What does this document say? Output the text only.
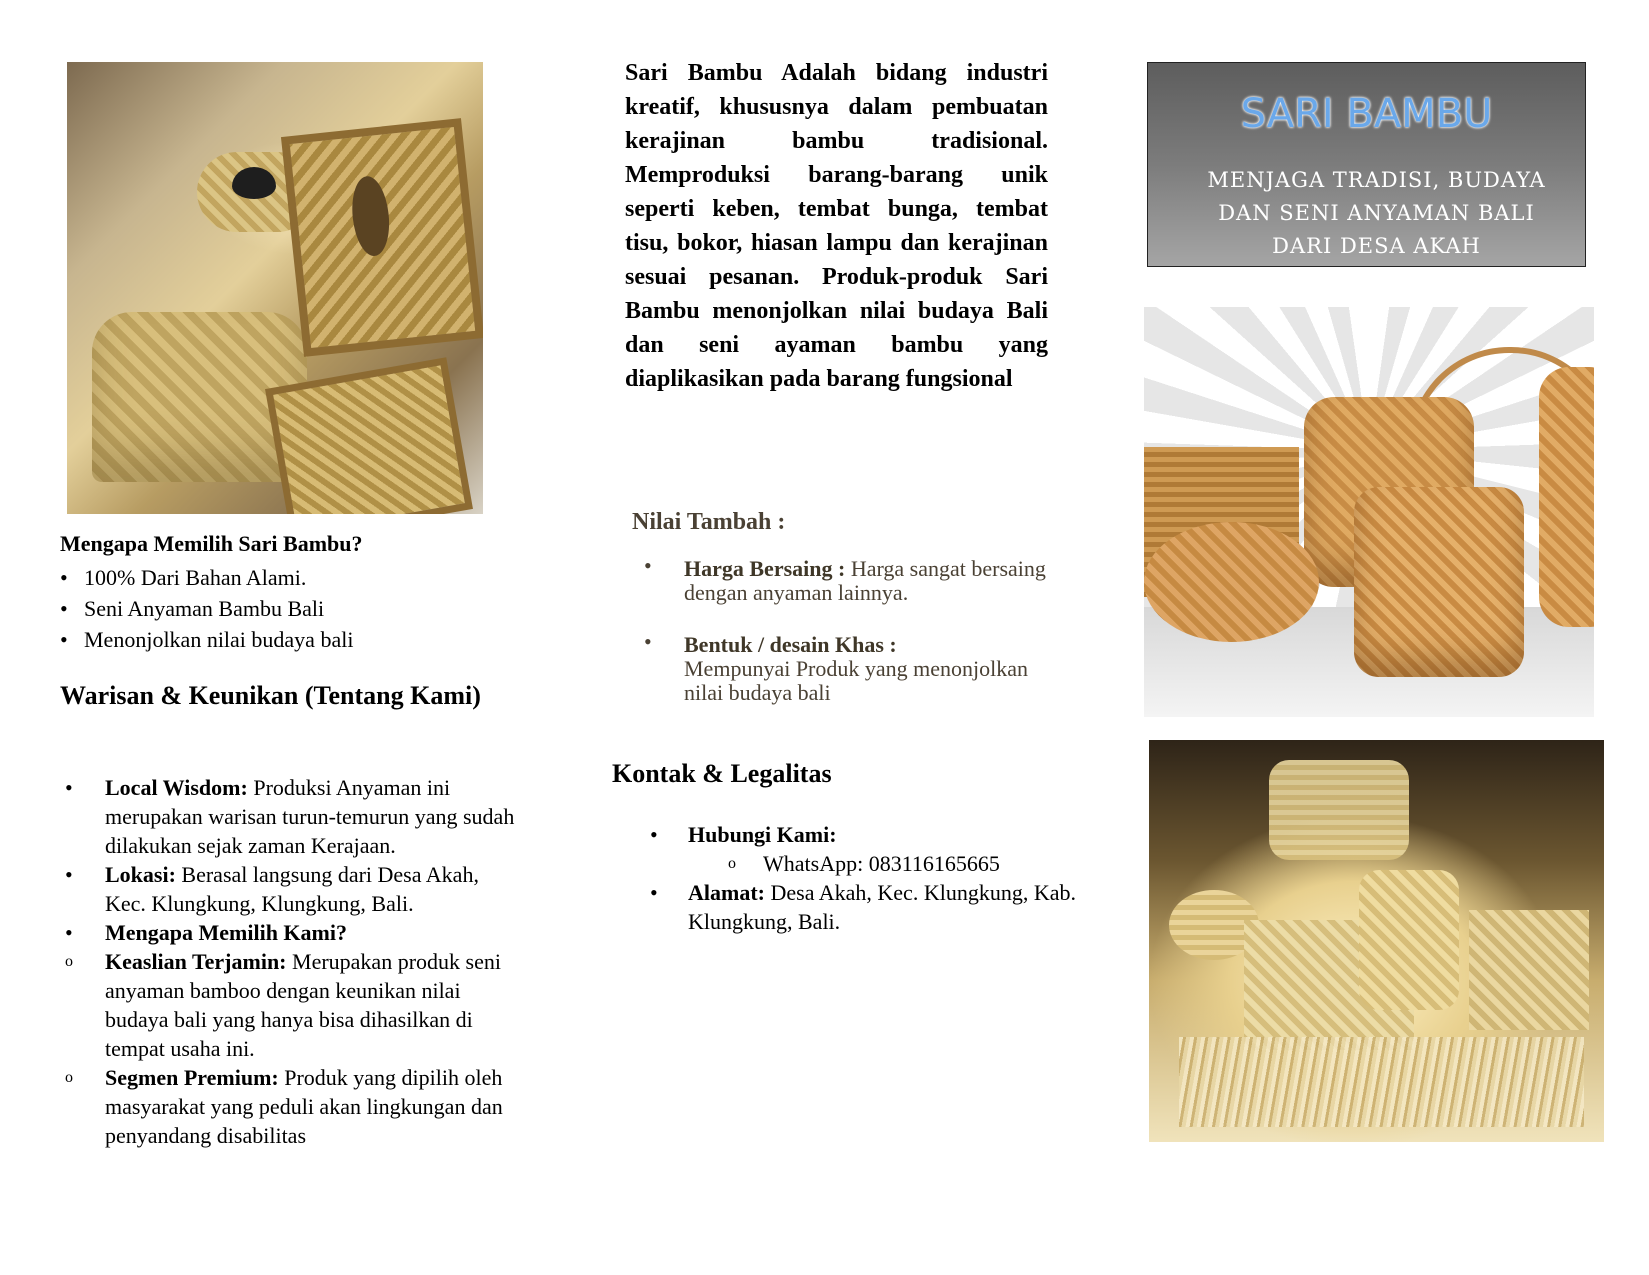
SARI BAMBU
MENJAGA TRADISI, BUDAYA DAN SENI ANYAMAN BALI DARI DESA AKAH
Sari Bambu Adalah bidang industri kreatif, khususnya dalam pembuatan kerajinan bambu tradisional. Memproduksi barang-barang unik seperti keben, tembat bunga, tembat tisu, bokor, hiasan lampu dan kerajinan sesuai pesanan. Produk-produk Sari Bambu menonjolkan nilai budaya Bali dan seni ayaman bambu yang diaplikasikan pada barang fungsional
Mengapa Memilih Sari Bambu?
• 100% Dari Bahan Alami.
• Seni Anyaman Bambu Bali
• Menonjolkan nilai budaya bali
Warisan & Keunikan (Tentang Kami)
•
Local Wisdom: Produksi Anyaman ini merupakan warisan turun-temurun yang sudah dilakukan sejak zaman Kerajaan.
•
Lokasi: Berasal langsung dari Desa Akah, Kec. Klungkung, Klungkung, Bali.
•
Mengapa Memilih Kami?
o Keaslian Terjamin: Merupakan produk seni anyaman bamboo dengan keunikan nilai budaya bali yang hanya bisa dihasilkan di tempat usaha ini.
o Segmen Premium: Produk yang dipilih oleh masyarakat yang peduli akan lingkungan dan penyandang disabilitas
Nilai Tambah :
• Harga Bersaing : Harga sangat bersaing dengan anyaman lainnya.
• Bentuk / desain Khas :
Mempunyai Produk yang menonjolkan nilai budaya bali
Kontak & Legalitas
• Hubungi Kami:
o WhatsApp: 083116165665
• Alamat: Desa Akah, Kec. Klungkung, Kab. Klungkung, Bali.
